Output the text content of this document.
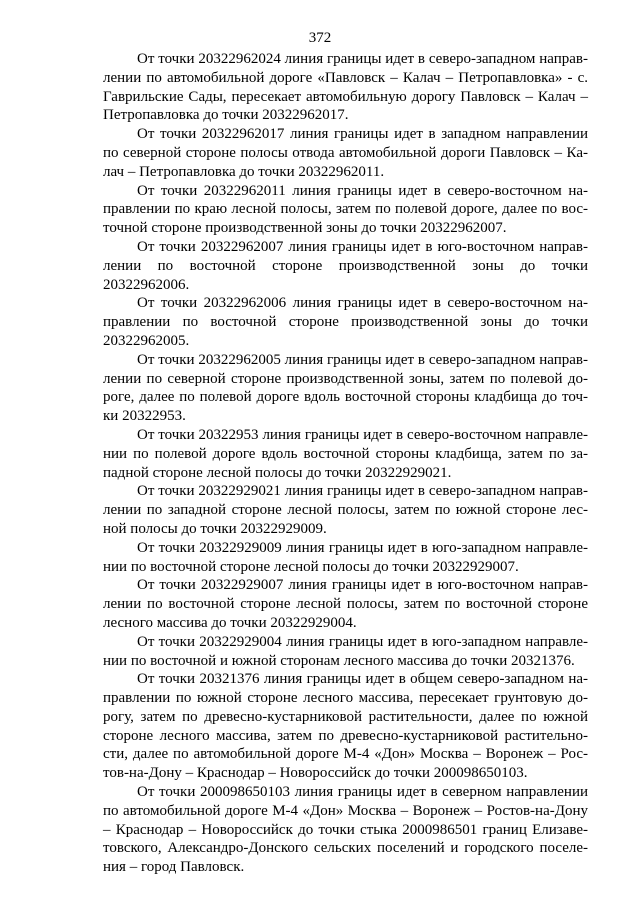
372
От точки 20322962024 линия границы идет в северо-западном направ-
лении по автомобильной дороге «Павловск – Калач – Петропавловка» - с.
Гаврильские Сады, пересекает автомобильную дорогу Павловск – Калач –
Петропавловка до точки 20322962017.
От точки 20322962017 линия границы идет в западном направлении
по северной стороне полосы отвода автомобильной дороги Павловск – Ка-
лач – Петропавловка до точки 20322962011.
От точки 20322962011 линия границы идет в северо-восточном на-
правлении по краю лесной полосы, затем по полевой дороге, далее по вос-
точной стороне производственной зоны до точки 20322962007.
От точки 20322962007 линия границы идет в юго-восточном направ-
лении по восточной стороне производственной зоны до точки
20322962006.
От точки 20322962006 линия границы идет в северо-восточном на-
правлении по восточной стороне производственной зоны до точки
20322962005.
От точки 20322962005 линия границы идет в северо-западном направ-
лении по северной стороне производственной зоны, затем по полевой до-
роге, далее по полевой дороге вдоль восточной стороны кладбища до точ-
ки 20322953.
От точки 20322953 линия границы идет в северо-восточном направле-
нии по полевой дороге вдоль восточной стороны кладбища, затем по за-
падной стороне лесной полосы до точки 20322929021.
От точки 20322929021 линия границы идет в северо-западном направ-
лении по западной стороне лесной полосы, затем по южной стороне лес-
ной полосы до точки 20322929009.
От точки 20322929009 линия границы идет в юго-западном направле-
нии по восточной стороне лесной полосы до точки 20322929007.
От точки 20322929007 линия границы идет в юго-восточном направ-
лении по восточной стороне лесной полосы, затем по восточной стороне
лесного массива до точки 20322929004.
От точки 20322929004 линия границы идет в юго-западном направле-
нии по восточной и южной сторонам лесного массива до точки 20321376.
От точки 20321376 линия границы идет в общем северо-западном на-
правлении по южной стороне лесного массива, пересекает грунтовую до-
рогу, затем по древесно-кустарниковой растительности, далее по южной
стороне лесного массива, затем по древесно-кустарниковой растительно-
сти, далее по автомобильной дороге М-4 «Дон» Москва – Воронеж – Рос-
тов-на-Дону – Краснодар – Новороссийск до точки 200098650103.
От точки 200098650103 линия границы идет в северном направлении
по автомобильной дороге М-4 «Дон» Москва – Воронеж – Ростов-на-Дону
– Краснодар – Новороссийск до точки стыка 2000986501 границ Елизаве-
товского, Александро-Донского сельских поселений и городского поселе-
ния – город Павловск.
